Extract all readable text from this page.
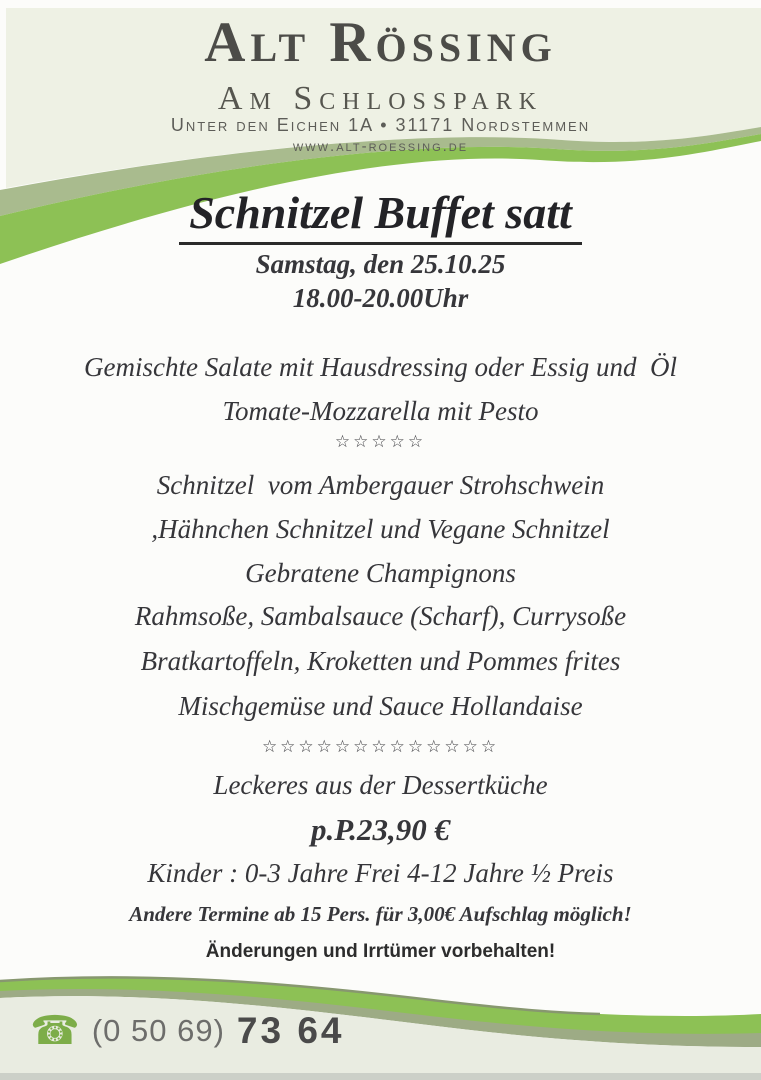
Alt Rössing
Am Schlosspark
Unter den Eichen 1A • 31171 Nordstemmen
www.alt-roessing.de
Schnitzel Buffet satt
Samstag, den 25.10.25
18.00-20.00Uhr
Gemischte Salate mit Hausdressing oder Essig und  Öl
Tomate-Mozzarella mit Pesto
☆☆☆☆☆
Schnitzel  vom Ambergauer Strohschwein
,Hähnchen Schnitzel und Vegane Schnitzel
Gebratene Champignons
Rahmsoße, Sambalsauce (Scharf), Currysoße
Bratkartoffeln, Kroketten und Pommes frites
Mischgemüse und Sauce Hollandaise
☆☆☆☆☆☆☆☆☆☆☆☆☆
Leckeres aus der Dessertküche
p.P.23,90 €
Kinder : 0-3 Jahre Frei 4-12 Jahre ½ Preis
Andere Termine ab 15 Pers. für 3,00€ Aufschlag möglich!
Änderungen und Irrtümer vorbehalten!
☎ (0 50 69) 73 64
